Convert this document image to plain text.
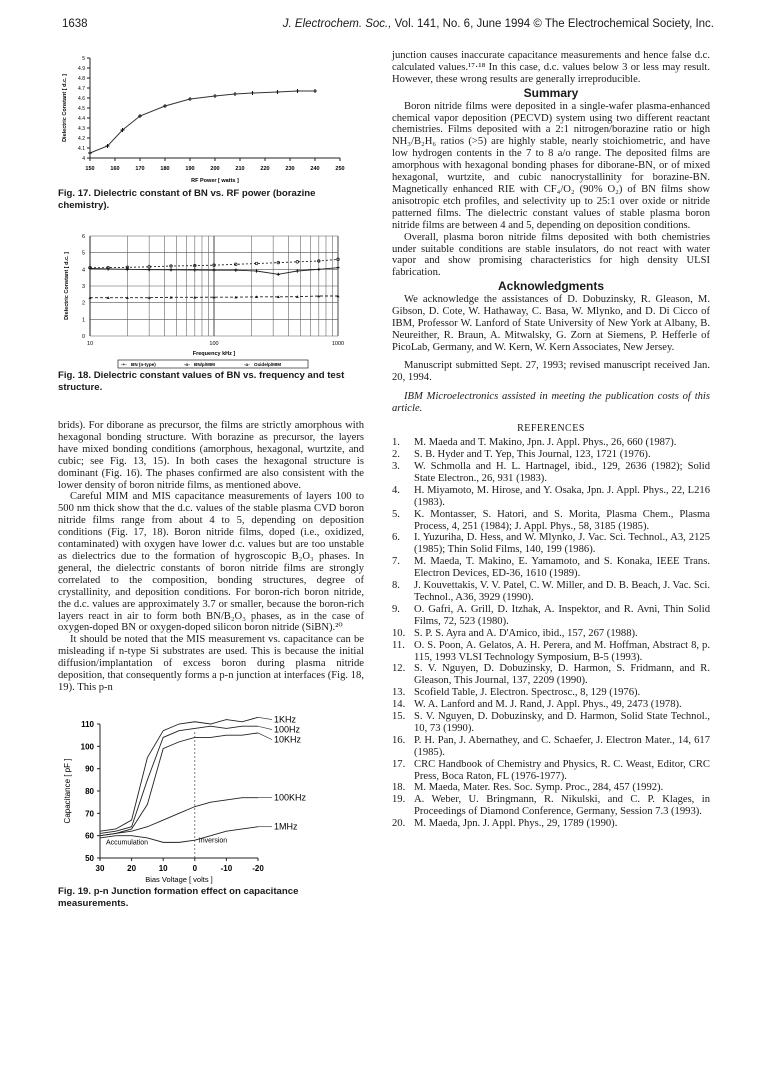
1638	J. Electrochem. Soc., Vol. 141, No. 6, June 1994 © The Electrochemical Society, Inc.
4
4.1
4.2
4.3
4.4
4.5
4.6
4.7
4.8
4.9
5
150	160	170	180	190	200	210	220	230	240	250
RF Power [ watts ]
Dielectric Constant [ d.c. ]
Fig. 17. Dielectric constant of BN vs. RF power (borazine chemistry).
0
1
2
3
4
5
6
10	100	1000
Frequency kHz ]
Dielectric Constant [ d.c. ]
-+- BN (n-type)	-o- BN/p/MIM	-a- Oxide/p/MIM
Fig. 18. Dielectric constant values of BN vs. frequency and test structure.

brids). For diborane as precursor, the films are strictly amorphous with hexagonal bonding structure. With borazine as precursor, the layers have mixed bonding conditions (amorphous, hexagonal, wurtzite, and cubic; see Fig. 13, 15). In both cases the hexagonal structure is dominant (Fig. 16). The phases confirmed are also consistent with the lower density of boron nitride films, as mentioned above.

Careful MIM and MIS capacitance measurements of layers 100 to 500 nm thick show that the d.c. values of the stable plasma CVD boron nitride films range from about 4 to 5, depending on deposition conditions (Fig. 17, 18). Boron nitride films, doped (i.e., oxidized, contaminated) with oxygen have lower d.c. values but are too unstable as dielectrics due to the formation of hygroscopic B₂O₃ phases. In general, the dielectric constants of boron nitride films are strongly correlated to the composition, bonding structures, degree of crystallinity, and deposition conditions. For boron-rich boron nitride, the d.c. values are approximately 3.7 or smaller, because the boron-rich layers react in air to form both BN/B₂O₃ phases, as in the case of oxygen-doped BN or oxygen-doped silicon boron nitride (SiBN).²⁰

It should be noted that the MIS measurement vs. capacitance can be misleading if n-type Si substrates are used. This is because the initial diffusion/implantation of excess boron during plasma nitride deposition, that consequently forms a p-n junction at interfaces (Fig. 18, 19). This p-n

50
60
70
80
90
100
110
30	20	10	0	-10	-20
Bias Voltage [ volts ]
Capacitance [ pF ]
Accumulation	Inversion
1KHz
100Hz
10KHz
100KHz
1MHz
Fig. 19. p-n Junction formation effect on capacitance measurements.

junction causes inaccurate capacitance measurements and hence false d.c. calculated values.¹⁷·¹⁸ In this case, d.c. values below 3 or less may result. However, these wrong results are generally irreproducible.

Summary

Boron nitride films were deposited in a single-wafer plasma-enhanced chemical vapor deposition (PECVD) system using two different reactant chemistries. Films deposited with a 2:1 nitrogen/borazine ratio or high NH₃/B₂H₆ ratios (>5) are highly stable, nearly stoichiometric, and have low hydrogen contents in the 7 to 8 a/o range. The deposited films are amorphous with hexagonal bonding phases for diborane-BN, or of mixed hexagonal, wurtzite, and cubic nanocrystallinity for borazine-BN. Magnetically enhanced RIE with CF₄/O₂ (90% O₂) of BN films show anisotropic etch profiles, and selectivity up to 25:1 over oxide or nitride patterned films. The dielectric constant values of stable plasma boron nitride films are between 4 and 5, depending on deposition conditions.

Overall, plasma boron nitride films deposited with both chemistries under suitable conditions are stable insulators, do not react with water vapor and show promising characteristics for high density ULSI fabrication.

Acknowledgments

We acknowledge the assistances of D. Dobuzinsky, R. Gleason, M. Gibson, D. Cote, W. Hathaway, C. Basa, W. Mlynko, and D. Di Cicco of IBM, Professor W. Lanford of State University of New York at Albany, B. Neureither, R. Braun, A. Mitwalsky, G. Zorn at Siemens, P. Hefferle of PicoLab, Germany, and W. Kern, W. Kern Associates, New Jersey.

Manuscript submitted Sept. 27, 1993; revised manuscript received Jan. 20, 1994.

IBM Microelectronics assisted in meeting the publication costs of this article.

REFERENCES
1. M. Maeda and T. Makino, Jpn. J. Appl. Phys., 26, 660 (1987).
2. S. B. Hyder and T. Yep, This Journal, 123, 1721 (1976).
3. W. Schmolla and H. L. Hartnagel, ibid., 129, 2636 (1982); Solid State Electron., 26, 931 (1983).
4. H. Miyamoto, M. Hirose, and Y. Osaka, Jpn. J. Appl. Phys., 22, L216 (1983).
5. K. Montasser, S. Hatori, and S. Morita, Plasma Chem., Plasma Process, 4, 251 (1984); J. Appl. Phys., 58, 3185 (1985).
6. I. Yuzuriha, D. Hess, and W. Mlynko, J. Vac. Sci. Technol., A3, 2125 (1985); Thin Solid Films, 140, 199 (1986).
7. M. Maeda, T. Makino, E. Yamamoto, and S. Konaka, IEEE Trans. Electron Devices, ED-36, 1610 (1989).
8. J. Kouvettakis, V. V. Patel, C. W. Miller, and D. B. Beach, J. Vac. Sci. Technol., A36, 3929 (1990).
9. O. Gafri, A. Grill, D. Itzhak, A. Inspektor, and R. Avni, Thin Solid Films, 72, 523 (1980).
10. S. P. S. Ayra and A. D'Amico, ibid., 157, 267 (1988).
11. O. S. Poon, A. Gelatos, A. H. Perera, and M. Hoffman, Abstract 8, p. 115, 1993 VLSI Technology Symposium, B-5 (1993).
12. S. V. Nguyen, D. Dobuzinsky, D. Harmon, S. Fridmann, and R. Gleason, This Journal, 137, 2209 (1990).
13. Scofield Table, J. Electron. Spectrosc., 8, 129 (1976).
14. W. A. Lanford and M. J. Rand, J. Appl. Phys., 49, 2473 (1978).
15. S. V. Nguyen, D. Dobuzinsky, and D. Harmon, Solid State Technol., 10, 73 (1990).
16. P. H. Pan, J. Abernathey, and C. Schaefer, J. Electron Mater., 14, 617 (1985).
17. CRC Handbook of Chemistry and Physics, R. C. Weast, Editor, CRC Press, Boca Raton, FL (1976-1977).
18. M. Maeda, Mater. Res. Soc. Symp. Proc., 284, 457 (1992).
19. A. Weber, U. Bringmann, R. Nikulski, and C. P. Klages, in Proceedings of Diamond Conference, Germany, Session 7.3 (1993).
20. M. Maeda, Jpn. J. Appl. Phys., 29, 1789 (1990).
